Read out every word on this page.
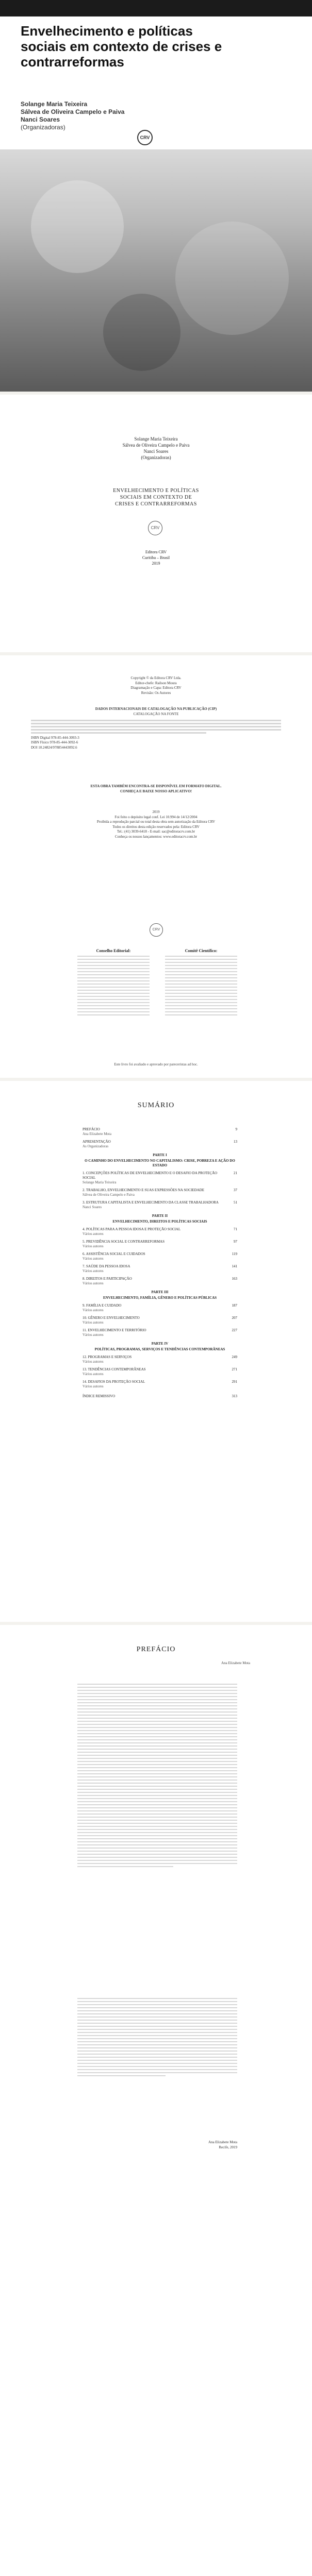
Envelhecimento e políticas sociais em contexto de crises e contrarreformas
Solange Maria Teixeira
Sálvea de Oliveira Campelo e Paiva
Nanci Soares
(Organizadoras)
CRV
Solange Maria Teixeira
Sálvea de Oliveira Campelo e Paiva
Nanci Soares
(Organizadoras)
ENVELHECIMENTO E POLÍTICAS
SOCIAIS EM CONTEXTO DE
CRISES E CONTRARREFORMAS
CRV
Editora CRV
Curitiba – Brasil
2019
Copyright © da Editora CRV Ltda.
Editor-chefe: Railson Moura
Diagramação e Capa: Editora CRV
Revisão: Os Autores
DADOS INTERNACIONAIS DE CATALOGAÇÃO NA PUBLICAÇÃO (CIP)
CATALOGAÇÃO NA FONTE
ISBN Digital 978-85-444-3093-3
ISBN Físico 978-85-444-3092-6
DOI 10.24824/978854443092.6
ESTA OBRA TAMBÉM ENCONTRA-SE DISPONÍVEL EM FORMATO DIGITAL.
CONHEÇA E BAIXE NOSSO APLICATIVO!
2019
Foi feito o depósito legal conf. Lei 10.994 de 14/12/2004
Proibida a reprodução parcial ou total desta obra sem autorização da Editora CRV
Todos os direitos desta edição reservados pela: Editora CRV
Tel.: (41) 3039-6418 - E-mail: sac@editoracrv.com.br
Conheça os nossos lançamentos: www.editoracrv.com.br
CRV
Conselho Editorial:	Comitê Científico:
Este livro foi avaliado e aprovado por pareceristas ad hoc.
SUMÁRIO
PREFÁCIO
Ana Elizabete Mota
9
APRESENTAÇÃO
As Organizadoras
13
PARTE I
O CAMINHO DO ENVELHECIMENTO NO CAPITALISMO: CRISE, POBREZA E AÇÃO DO ESTADO
1. CONCEPÇÕES POLÍTICAS DE ENVELHECIMENTO E O DESAFIO DA PROTEÇÃO SOCIAL
Solange Maria Teixeira
21
2. TRABALHO, ENVELHECIMENTO E SUAS EXPRESSÕES NA SOCIEDADE
Sálvea de Oliveira Campelo e Paiva
37
3. ESTRUTURA CAPITALISTA E ENVELHECIMENTO DA CLASSE TRABALHADORA
Nanci Soares
51
PARTE II
ENVELHECIMENTO, DIREITOS E POLÍTICAS SOCIAIS
4. POLÍTICAS PARA A PESSOA IDOSA E PROTEÇÃO SOCIAL
Vários autores
71
5. PREVIDÊNCIA SOCIAL E CONTRARREFORMAS
Vários autores
97
6. ASSISTÊNCIA SOCIAL E CUIDADOS
Vários autores
119
7. SAÚDE DA PESSOA IDOSA
Vários autores
141
8. DIREITOS E PARTICIPAÇÃO
Vários autores
163
PARTE III
ENVELHECIMENTO, FAMÍLIA, GÊNERO E POLÍTICAS PÚBLICAS
9. FAMÍLIA E CUIDADO
Vários autores
187
10. GÊNERO E ENVELHECIMENTO
Vários autores
207
11. ENVELHECIMENTO E TERRITÓRIO
Vários autores
227
PARTE IV
POLÍTICAS, PROGRAMAS, SERVIÇOS E TENDÊNCIAS CONTEMPORÂNEAS
12. PROGRAMAS E SERVIÇOS
Vários autores
249
13. TENDÊNCIAS CONTEMPORÂNEAS
Vários autores
271
14. DESAFIOS DA PROTEÇÃO SOCIAL
Vários autores
291
ÍNDICE REMISSIVO	313
PREFÁCIO
Ana Elizabete Mota
Ana Elizabete Mota
Recife, 2019
